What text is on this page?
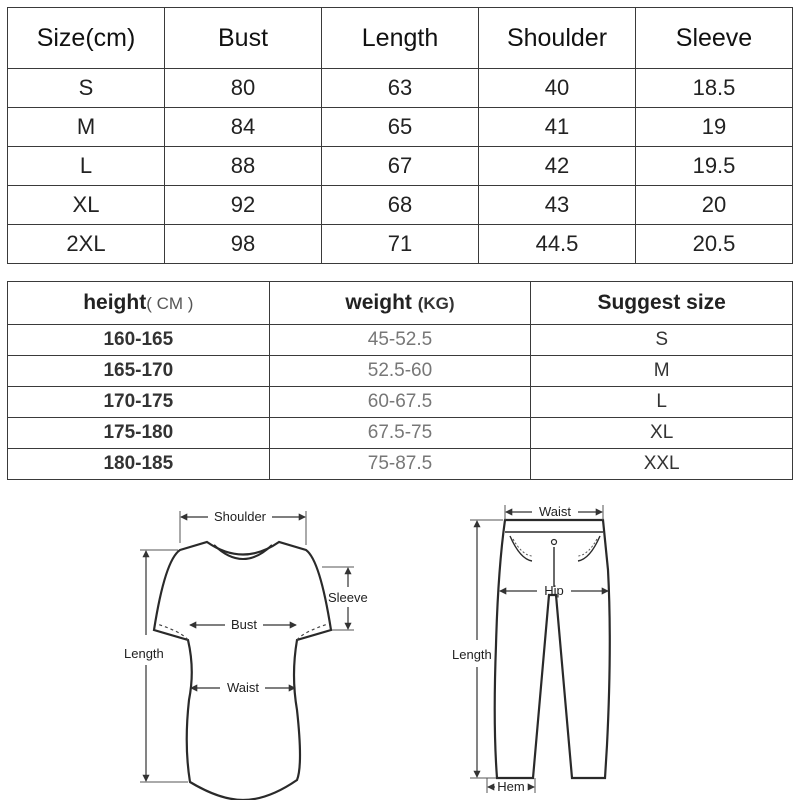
Size(cm)	Bust	Length	Shoulder	Sleeve
S	80	63	40	18.5
M	84	65	41	19
L	88	67	42	19.5
XL	92	68	43	20
2XL	98	71	44.5	20.5
height( CM )	weight (KG)	Suggest size
160-165	45-52.5	S
165-170	52.5-60	M
170-175	60-67.5	L
175-180	67.5-75	XL
180-185	75-87.5	XXL
Shoulder
Sleeve
Bust
Waist
Length
Waist
Hip
Length
Hem
